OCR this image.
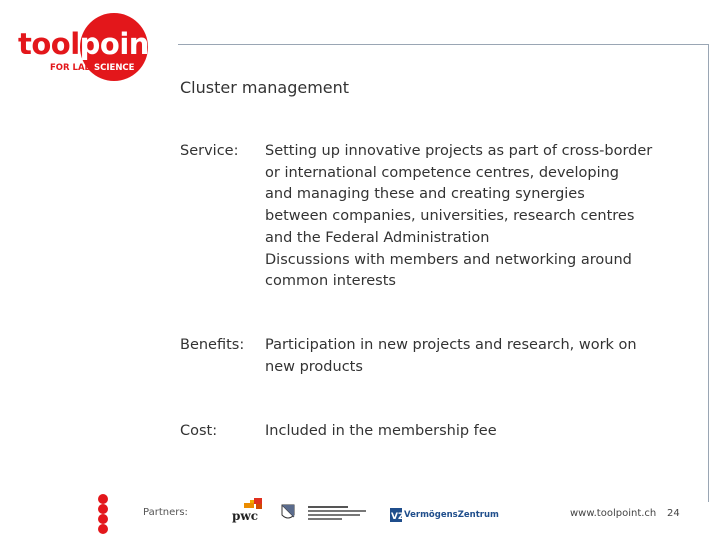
toolpoint
FOR LAB SCIENCE
Cluster management
Service: Setting up innovative projects as part of cross-border
or international competence centres, developing
and managing these and creating synergies
between companies, universities, research centres
and the Federal Administration
Discussions with members and networking around
common interests
Benefits: Participation in new projects and research, work on
new products
Cost:	Included in the membership fee
Partners:	pwc	VZ VermögensZentrum	www.toolpoint.ch 24
